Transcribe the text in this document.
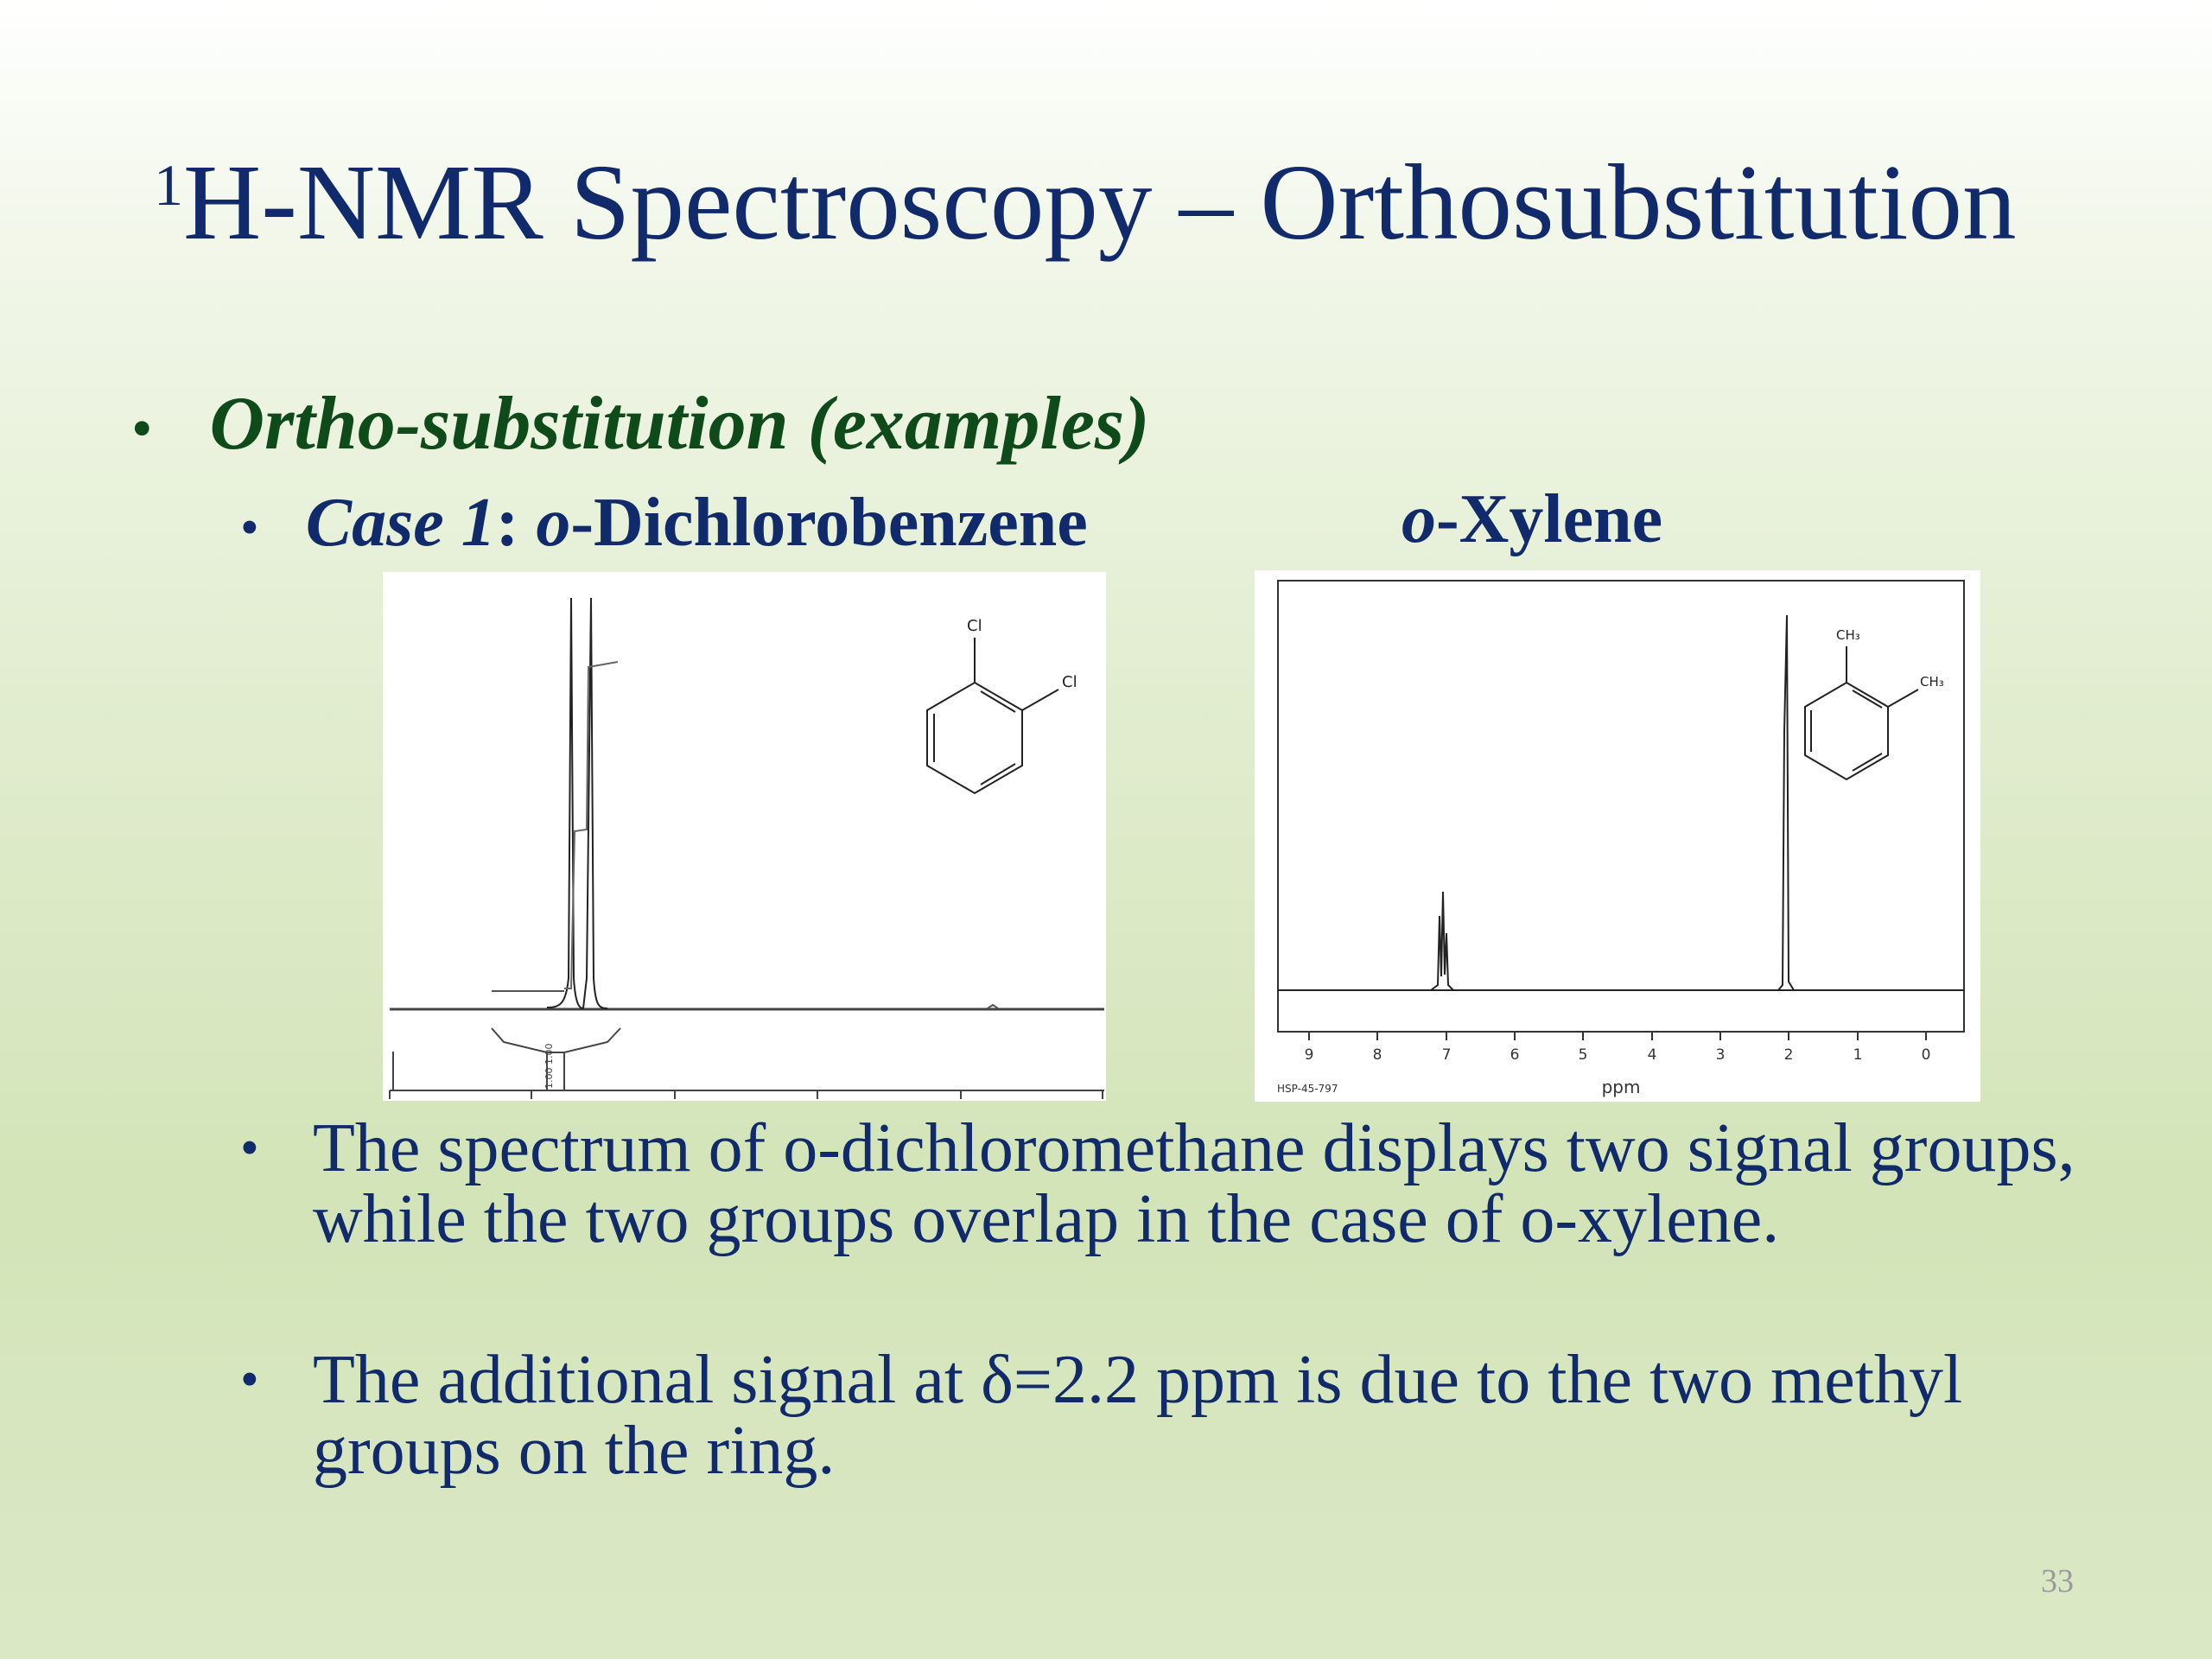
$^1$H-NMR Spectroscopy – Orthosubstitution
• Ortho-substitution (examples)
• Case 1: o-Dichlorobenzene	o-Xylene
1.00 1.00
Cl
Cl
9	8	7	6	5	4	3	2	1	0
ppm
HSP-45-797
CH₃
CH₃
• The spectrum of o-dichloromethane displays two signal groups, while the two groups overlap in the case of o-xylene.
• The additional signal at δ=2.2 ppm is due to the two methyl groups on the ring.
33
